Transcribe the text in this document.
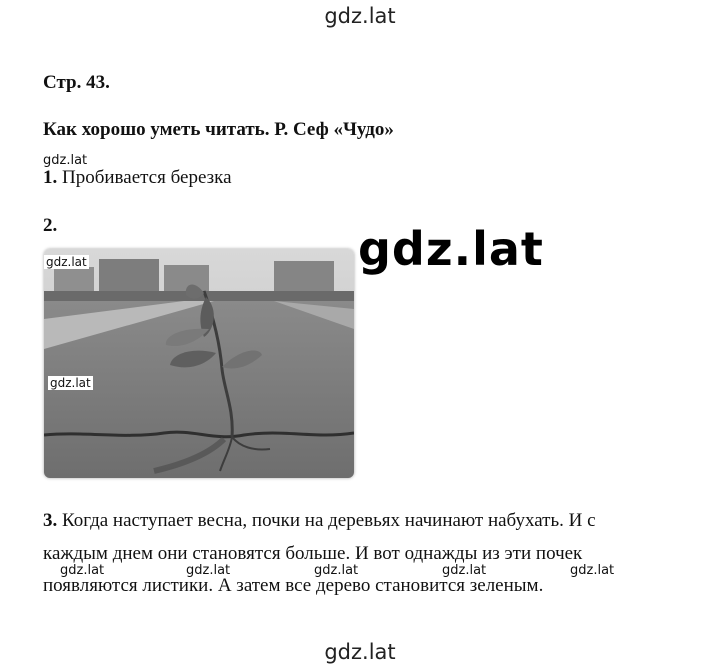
gdz.lat
gdz.lat
gdz.lat
Стр. 43.
Как хорошо уметь читать. Р. Сеф «Чудо»
gdz.lat
1. Пробивается березка
2.
gdz.lat
gdz.lat
3. Когда наступает весна, почки на деревьях начинают набухать. И с
каждым днем они становятся больше. И вот однажды из эти почек
gdz.lat	gdz.lat	gdz.lat	gdz.lat	gdz.lat
появляются листики. А затем все дерево становится зеленым.
